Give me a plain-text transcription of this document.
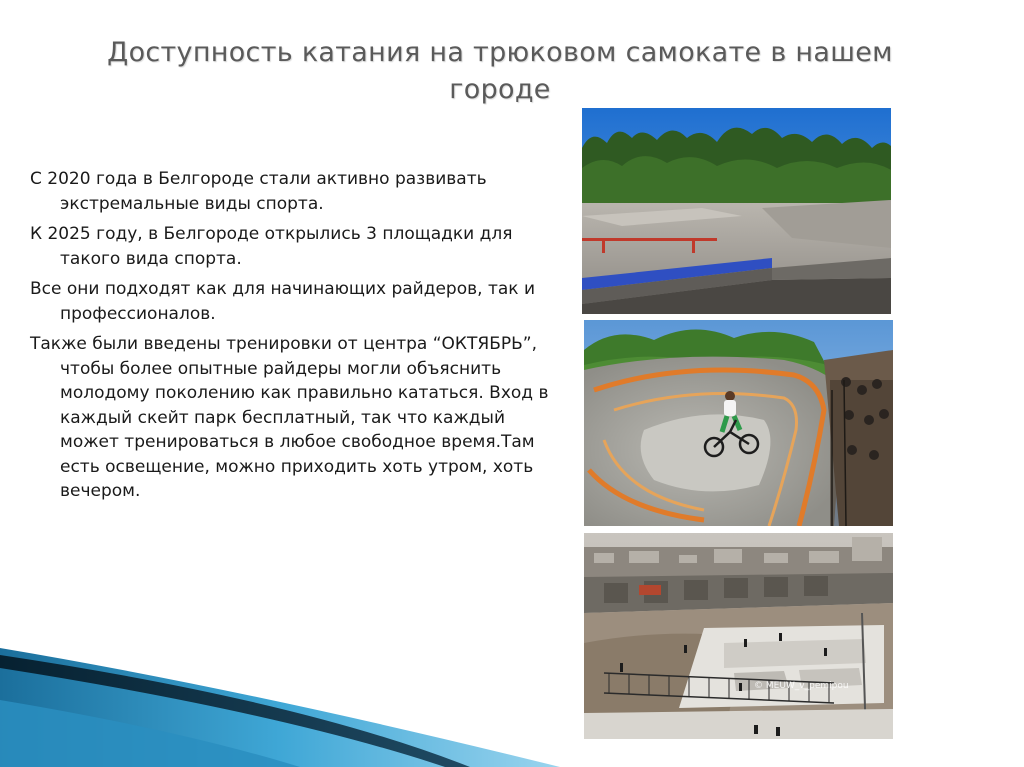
Доступность катания на трюковом самокате в нашем городе

С 2020 года в Белгороде стали активно развивать экстремальные виды спорта.

К 2025 году, в Белгороде открылись 3 площадки для такого вида спорта.

Все они подходят как для начинающих райдеров, так и профессионалов.

Также были введены тренировки от центра “ОКТЯБРЬ”, чтобы более опытные райдеры могли объяснить молодому поколению как правильно кататься. Вход в каждый скейт парк бесплатный, так что каждый может тренироваться в любое свободное время.Там есть освещение, можно приходить хоть утром, хоть вечером.

© MEUW_v_pemipou
